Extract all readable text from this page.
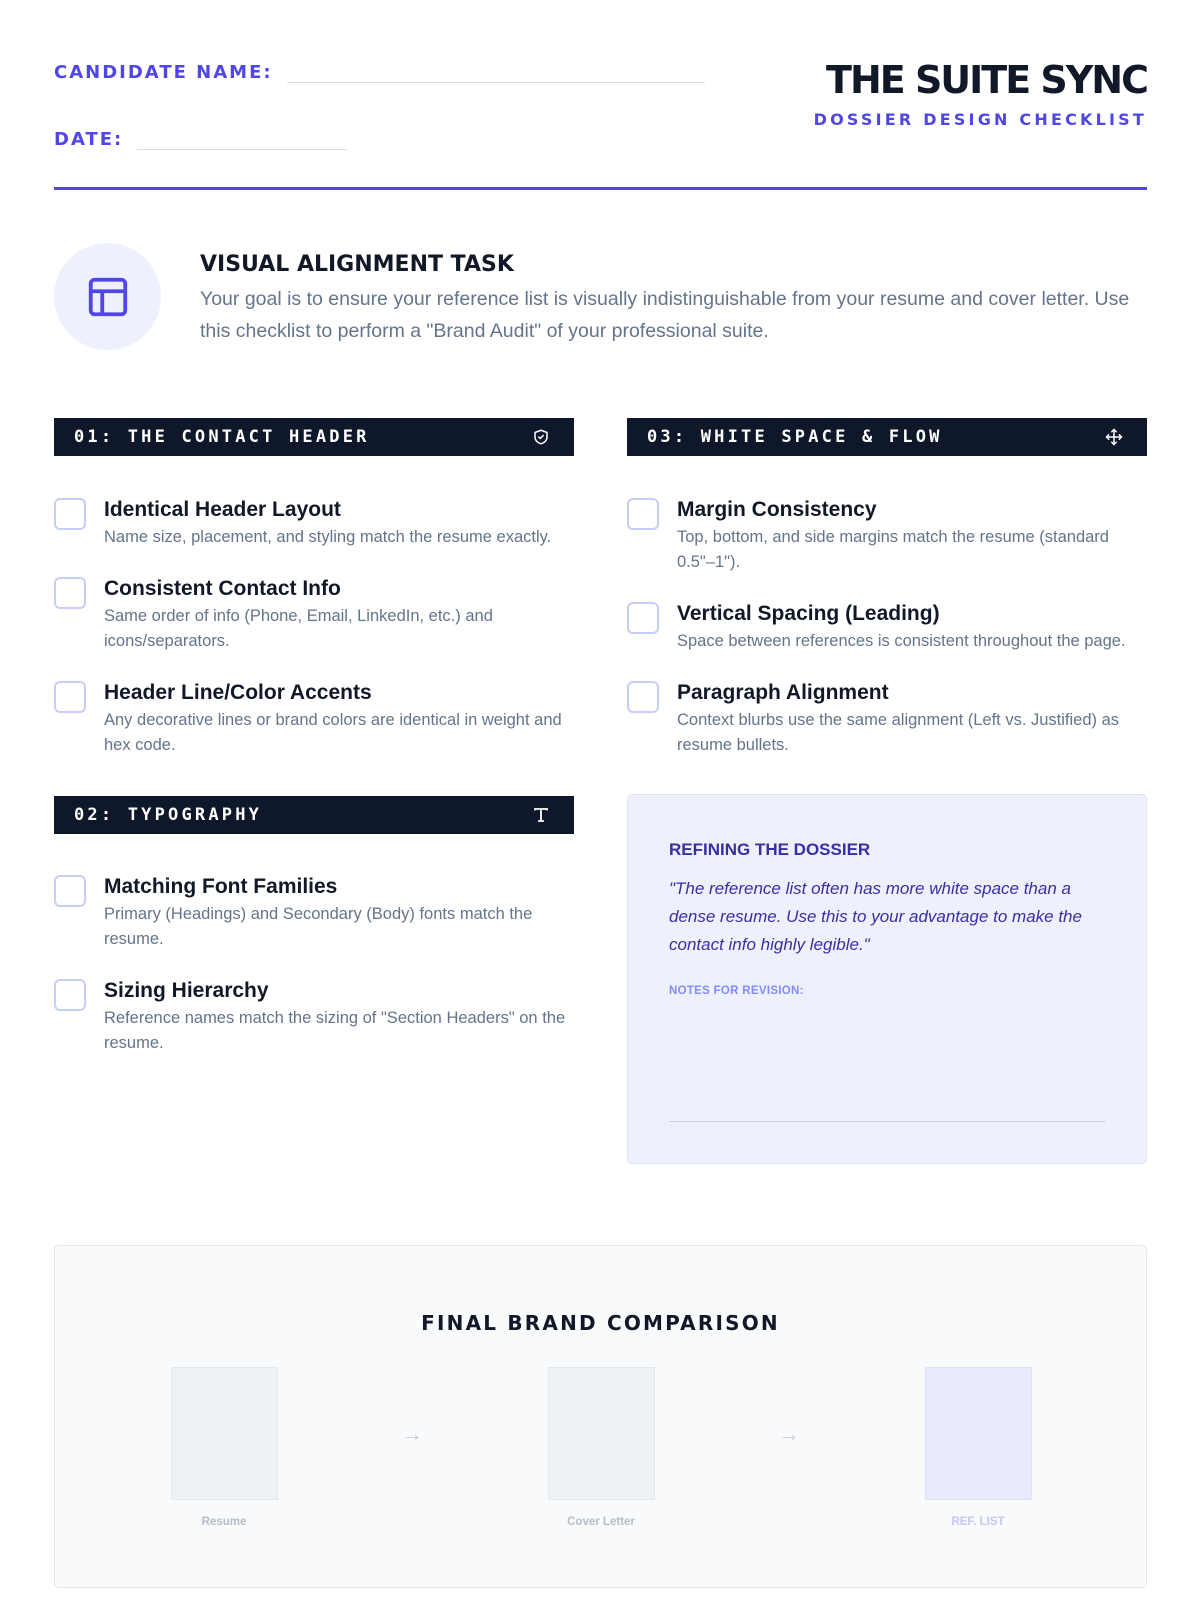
CANDIDATE NAME:
DATE:
THE SUITE SYNC
DOSSIER DESIGN CHECKLIST
VISUAL ALIGNMENT TASK
Your goal is to ensure your reference list is visually indistinguishable from your resume and cover letter. Use this checklist to perform a "Brand Audit" of your professional suite.
01: THE CONTACT HEADER
Identical Header Layout
Name size, placement, and styling match the resume exactly.
Consistent Contact Info
Same order of info (Phone, Email, LinkedIn, etc.) and icons/separators.
Header Line/Color Accents
Any decorative lines or brand colors are identical in weight and hex code.
02: TYPOGRAPHY
Matching Font Families
Primary (Headings) and Secondary (Body) fonts match the resume.
Sizing Hierarchy
Reference names match the sizing of "Section Headers" on the resume.
03: WHITE SPACE & FLOW
Margin Consistency
Top, bottom, and side margins match the resume (standard 0.5"–1").
Vertical Spacing (Leading)
Space between references is consistent throughout the page.
Paragraph Alignment
Context blurbs use the same alignment (Left vs. Justified) as resume bullets.
REFINING THE DOSSIER
"The reference list often has more white space than a dense resume. Use this to your advantage to make the contact info highly legible."
NOTES FOR REVISION:
FINAL BRAND COMPARISON
Resume
→
Cover Letter
→
REF. LIST
